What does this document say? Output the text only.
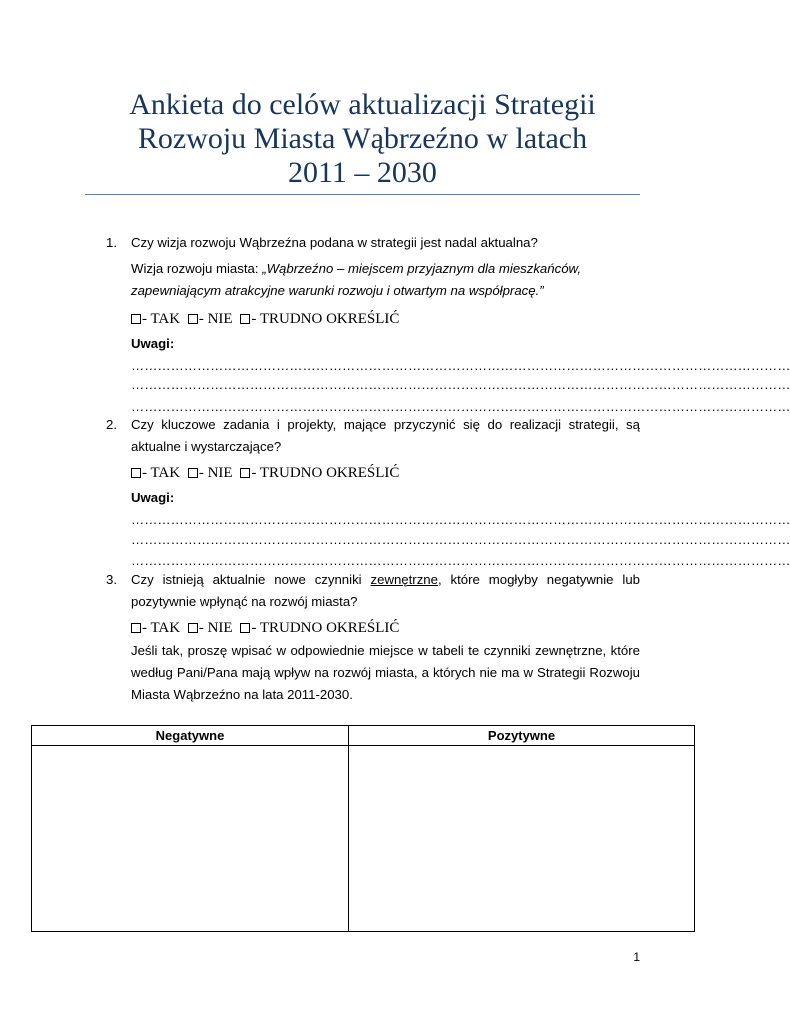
Ankieta do celów aktualizacji Strategii
Rozwoju Miasta Wąbrzeźno w latach
2011 – 2030
1.	Czy wizja rozwoju Wąbrzeźna podana w strategii jest nadal aktualna?
Wizja rozwoju miasta: „Wąbrzeźno – miejscem przyjaznym dla mieszkańców, zapewniającym atrakcyjne warunki rozwoju i otwartym na współpracę.”
- TAK - NIE - TRUDNO OKREŚLIĆ
Uwagi:
……………………………………………………………………………………………………………………………………
……………………………………………………………………………………………………………………………………
……………………………………………………………………………………………………………………………………
2.	Czy kluczowe zadania i projekty, mające przyczynić się do realizacji strategii, są aktualne i wystarczające?
- TAK - NIE - TRUDNO OKREŚLIĆ
Uwagi:
……………………………………………………………………………………………………………………………………
……………………………………………………………………………………………………………………………………
……………………………………………………………………………………………………………………………………
3.	Czy istnieją aktualnie nowe czynniki zewnętrzne, które mogłyby negatywnie lub pozytywnie wpłynąć na rozwój miasta?
- TAK - NIE - TRUDNO OKREŚLIĆ
Jeśli tak, proszę wpisać w odpowiednie miejsce w tabeli te czynniki zewnętrzne, które według Pani/Pana mają wpływ na rozwój miasta, a których nie ma w Strategii Rozwoju Miasta Wąbrzeźno na lata 2011-2030.
Negatywne	Pozytywne

1
